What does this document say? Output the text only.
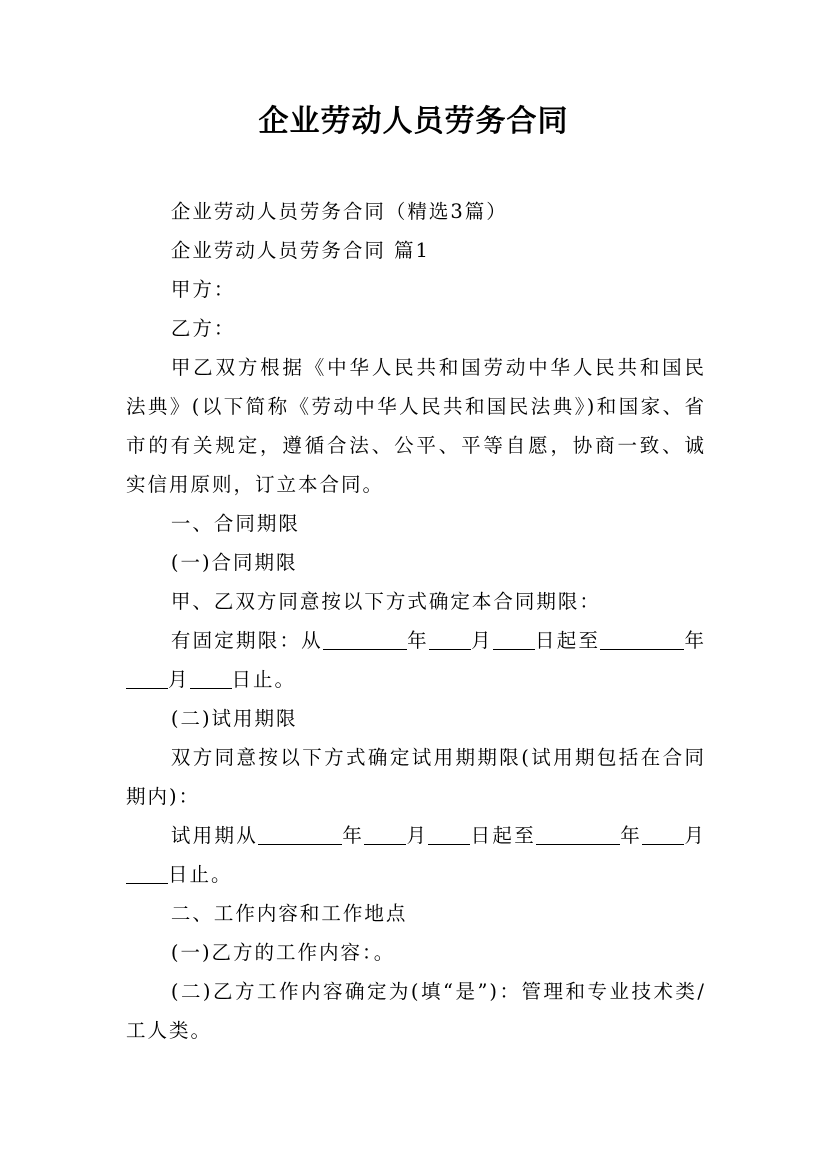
企业劳动人员劳务合同

企业劳动人员劳务合同（精选3篇）

企业劳动人员劳务合同 篇1

甲方：

乙方：

甲乙双方根据《中华人民共和国劳动中华人民共和国民法典》(以下简称《劳动中华人民共和国民法典》)和国家、省市的有关规定，遵循合法、公平、平等自愿，协商一致、诚实信用原则，订立本合同。

一、合同期限

(一)合同期限

甲、乙双方同意按以下方式确定本合同期限：

有固定期限：从	年 月 日起至	年月 日止。

(二)试用期限

双方同意按以下方式确定试用期期限(试用期包括在合同期内)：

试用期从	年 月 日起至	年 月日止。

二、工作内容和工作地点

(一)乙方的工作内容：。

(二)乙方工作内容确定为(填“是”)：管理和专业技术类/工人类。
